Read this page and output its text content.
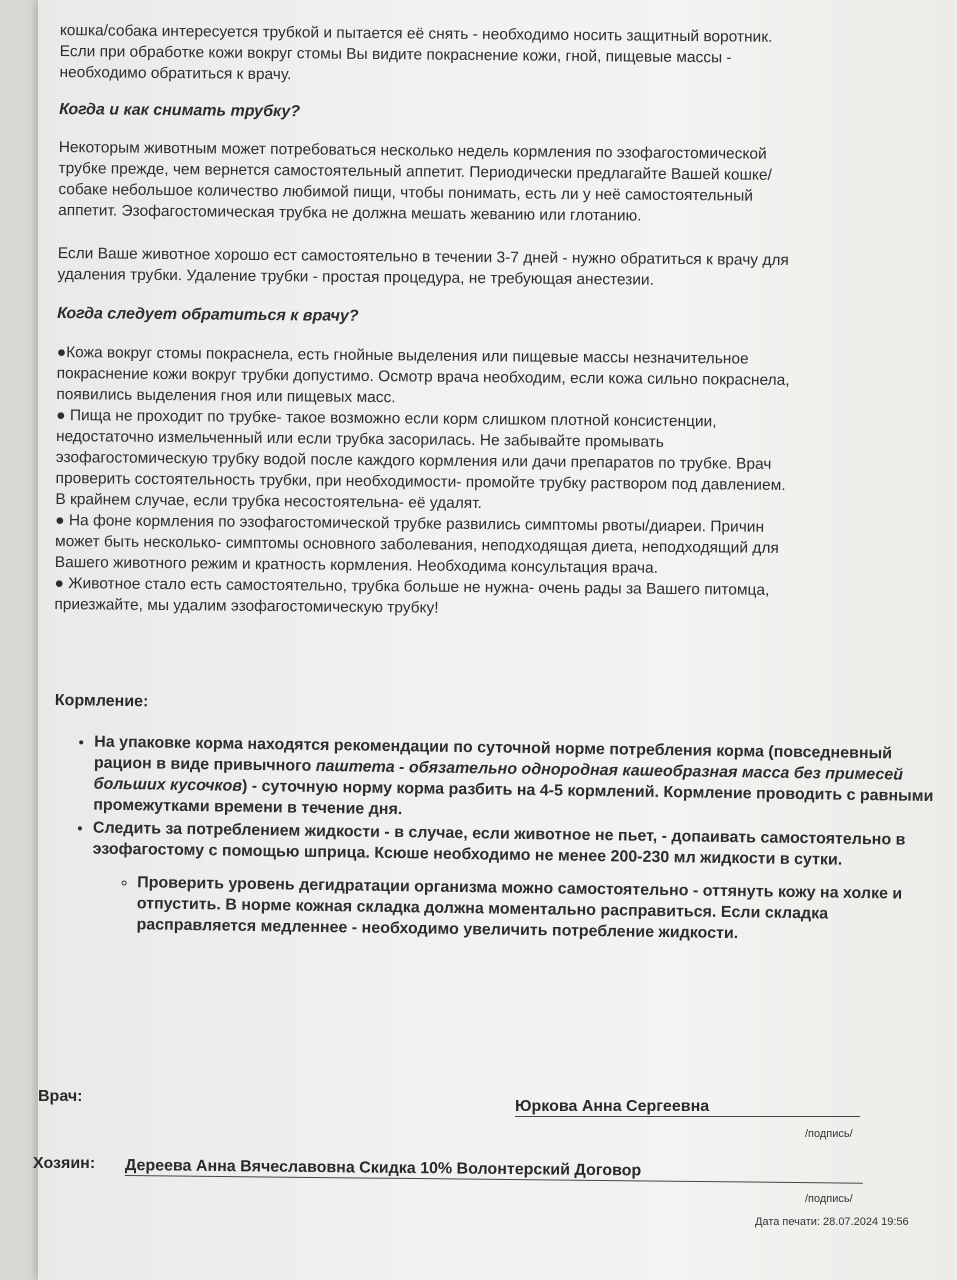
кошка/собака интересуется трубкой и пытается её снять - необходимо носить защитный воротник.

Если при обработке кожи вокруг стомы Вы видите покраснение кожи, гной, пищевые массы -

необходимо обратиться к врачу.

Когда и как снимать трубку?

Некоторым животным может потребоваться несколько недель кормления по эзофагостомической

трубке прежде, чем вернется самостоятельный аппетит. Периодически предлагайте Вашей кошке/

собаке небольшое количество любимой пищи, чтобы понимать, есть ли у неё самостоятельный

аппетит. Эзофагостомическая трубка не должна мешать жеванию или глотанию.

Если Ваше животное хорошо ест самостоятельно в течении 3-7 дней - нужно обратиться к врачу для

удаления трубки. Удаление трубки - простая процедура, не требующая анестезии.

Когда следует обратиться к врачу?

●Кожа вокруг стомы покраснела, есть гнойные выделения или пищевые массы незначительное

покраснение кожи вокруг трубки допустимо. Осмотр врача необходим, если кожа сильно покраснела,

появились выделения гноя или пищевых масс.

● Пища не проходит по трубке- такое возможно если корм слишком плотной консистенции,

недостаточно измельченный или если трубка засорилась. Не забывайте промывать

эзофагостомическую трубку водой после каждого кормления или дачи препаратов по трубке. Врач

проверить состоятельность трубки, при необходимости- промойте трубку раствором под давлением.

В крайнем случае, если трубка несостоятельна- её удалят.

● На фоне кормления по эзофагостомической трубке развились симптомы рвоты/диареи. Причин

может быть несколько- симптомы основного заболевания, неподходящая диета, неподходящий для

Вашего животного режим и кратность кормления. Необходима консультация врача.

● Животное стало есть самостоятельно, трубка больше не нужна- очень рады за Вашего питомца,

приезжайте, мы удалим эзофагостомическую трубку!

Кормление:

• На упаковке корма находятся рекомендации по суточной норме потребления корма (повседневный рацион в виде привычного паштета - обязательно однородная кашеобразная масса без примесей больших кусочков) - суточную норму корма разбить на 4-5 кормлений. Кормление проводить с равными промежутками времени в течение дня.
• Следить за потреблением жидкости - в случае, если животное не пьет, - допаивать самостоятельно в эзофагостому с помощью шприца. Ксюше необходимо не менее 200-230 мл жидкости в сутки.
◦ Проверить уровень дегидратации организма можно самостоятельно - оттянуть кожу на холке и отпустить. В норме кожная складка должна моментально расправиться. Если складка расправляется медленнее - необходимо увеличить потребление жидкости.
Врач:
Юркова Анна Сергеевна
/подпись/
Хозяин: Дереева Анна Вячеславовна Скидка 10% Волонтерский Договор
/подпись/
Дата печати: 28.07.2024 19:56
